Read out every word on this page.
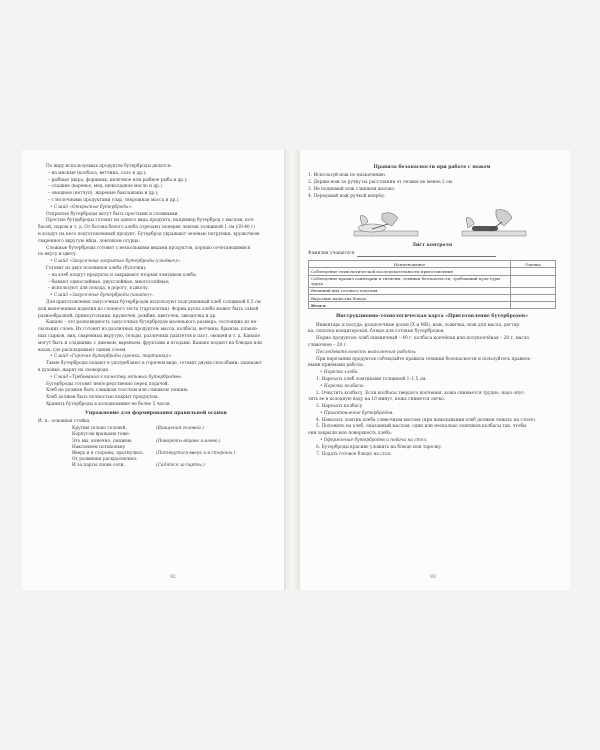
По виду используемых продуктов бутерброды делятся:

– на мясные (колбаса, ветчина, сало и др.);

– рыбные (икра, форшмак, килечное или рыбное рыба и др.);

– сладкие (варенье, мед, шоколадное масло и др.)

– овощные (кетчуп), жареные баклажаны и др.);

– с молочными продуктами (сыр, творожная масса и др.).

• Слайд «Открытые бутерброды».

Открытые бутерброды могут быть простыми и сложными.

Простые бутерброды готовят из одного вида продукта, например бутерброд с маслом, кол-

басой, сыром и т. д. От батона белого хлеба отрезают поперек ломтик толщиной 1 см (30-40 г)

и кладут на него подготовленный продукт. Бутерброд украшают зеленью петрушки, кружочком

сваренного вкрутую яйца, ломтиком огурца.

Сложные бутерброды готовят с несколькими видами продуктов, хорошо сочетающимися

по вкусу и цвету.

• Слайд «Закусочные закрытые бутерброды (сэндвич)».

Готовят из двух половинок хлеба (булочки):

– на хлеб кладут продукты и закрывают вторым ломтиком хлеба;

– бывают однослойные, двухслойные, многослойные;

– используют для похода, в дорогу, в школу.

• Слайд «Закусочные бутерброды (канапе)».

Для приготовления закусочных бутербродов используют подсушенный хлеб толщиной 0,5 см

или выпеченные изделия из слоеного теста (тарталетки). Форма куска хлеба может быть самой

разнообразной: прямоугольник, кружочек, ромбик, цветочек, звездочка и др.

Канапе – это разновидность закусочных бутербродов маленького размера, состоящих из не-

скольких слоев. Их готовят из различных продуктов: масла, колбасы, ветчины, брынзы, плавле-

ных сырков, яиц, сваренных вкрутую, сельди, различных паштетов и паст, овощей и т. д. Канапе

могут быть и сладкими: с джемом, вареньем, фруктами и ягодами. Канапе подают на блюдах или

вазах, где раскладывают одним слоем.

• Слайд «Горячие бутерброды (гренки, тартинки)».

Такие бутерброды подают в употребляют в горячем виде, готовят двумя способами: запекают

в духовке, жарят на сковороде.

• Слайд «Требования к качеству готовых бутербродов».

Бутерброды готовят непосредственно перед подачей.

Хлеб не должен быть слишком толстым или слишком тонким.

Хлеб должен быть полностью покрыт продуктом.

Хранить бутерброды в холодильнике не более 5 часов.

Упражнение для формирования правильной осанки

И. п.: основная стойка.

Крутим тельно головой,	(Вращения головой.)
Корпусом вращаем тоже.
Это мы, конечно, сможем.	(Повороты вправо и влево.)
Наклоняем потихоньку
Вверх и в стороны, прогнулись.	(Потянуться вверх и в стороны.)
От разминки раскраснелись
И за парты снова сели.	(Садятся за парты.)
92

Правила безопасности при работе с ножом

1. Используй нож по назначению.

2. Держи нож за ручку на расстоянии от лезвия не менее 2 см.

3. Не поднимай нож слишком высоко.

4. Передавай нож ручкой вперёд.

Лист контроля

Фамилия учащегося
Наименование	Оценка
Соблюдение технологической последовательности приготовления	
Соблюдение правил санитарии и гигиены, техники безопасности, требований куль-туры труда	
Внешний вид готового изделия	
Вкусовые качества блюда	
Итого:	

Инструкционно-технологическая карта «Приготовление бутербродов»

Инвентарь и посуда: разделочные доски (Х и МВ), нож, ложечка, нож для масла, дегтяр-

ка, лопатка кондитерская, блюдо для готовых бутербродов.

Норма продуктов: хлеб пшеничный – 40 г, колбаса копчёная или полукопчёная – 20 г, масло

сливочное – 20 г.

Последовательность выполнения работы:

При нарезании продуктов соблюдайте правила техники безопасности и пользуйтесь правиль-

ными приёмами работы.

• Нарезка хлеба.

1. Нарезать хлеб ломтиками толщиной 1–1,5 см.

• Нарезка колбасы.

2. Очистить колбасу. Если колбасы твердого копчения, кожа снимается трудно, надо опус-

тить ее в холодную воду на 10 минут, кожа снимется легко.

3. Нарезать колбасу.

• Приготовление бутербродов.

4. Намазать ломтик хлеба сливочным маслом (при намазывании хлеб должен лежать на столе).

5. Положить на хлеб, смазанный маслом, один или несколько ломтиков колбасы так, чтобы

они закрыли всю поверхность хлеба.

• Оформление бутербродов и подача на стол.

6. Бутерброды красиво уложить на блюдо или тарелку.

7. Подать готовое блюдо на стол.

93
